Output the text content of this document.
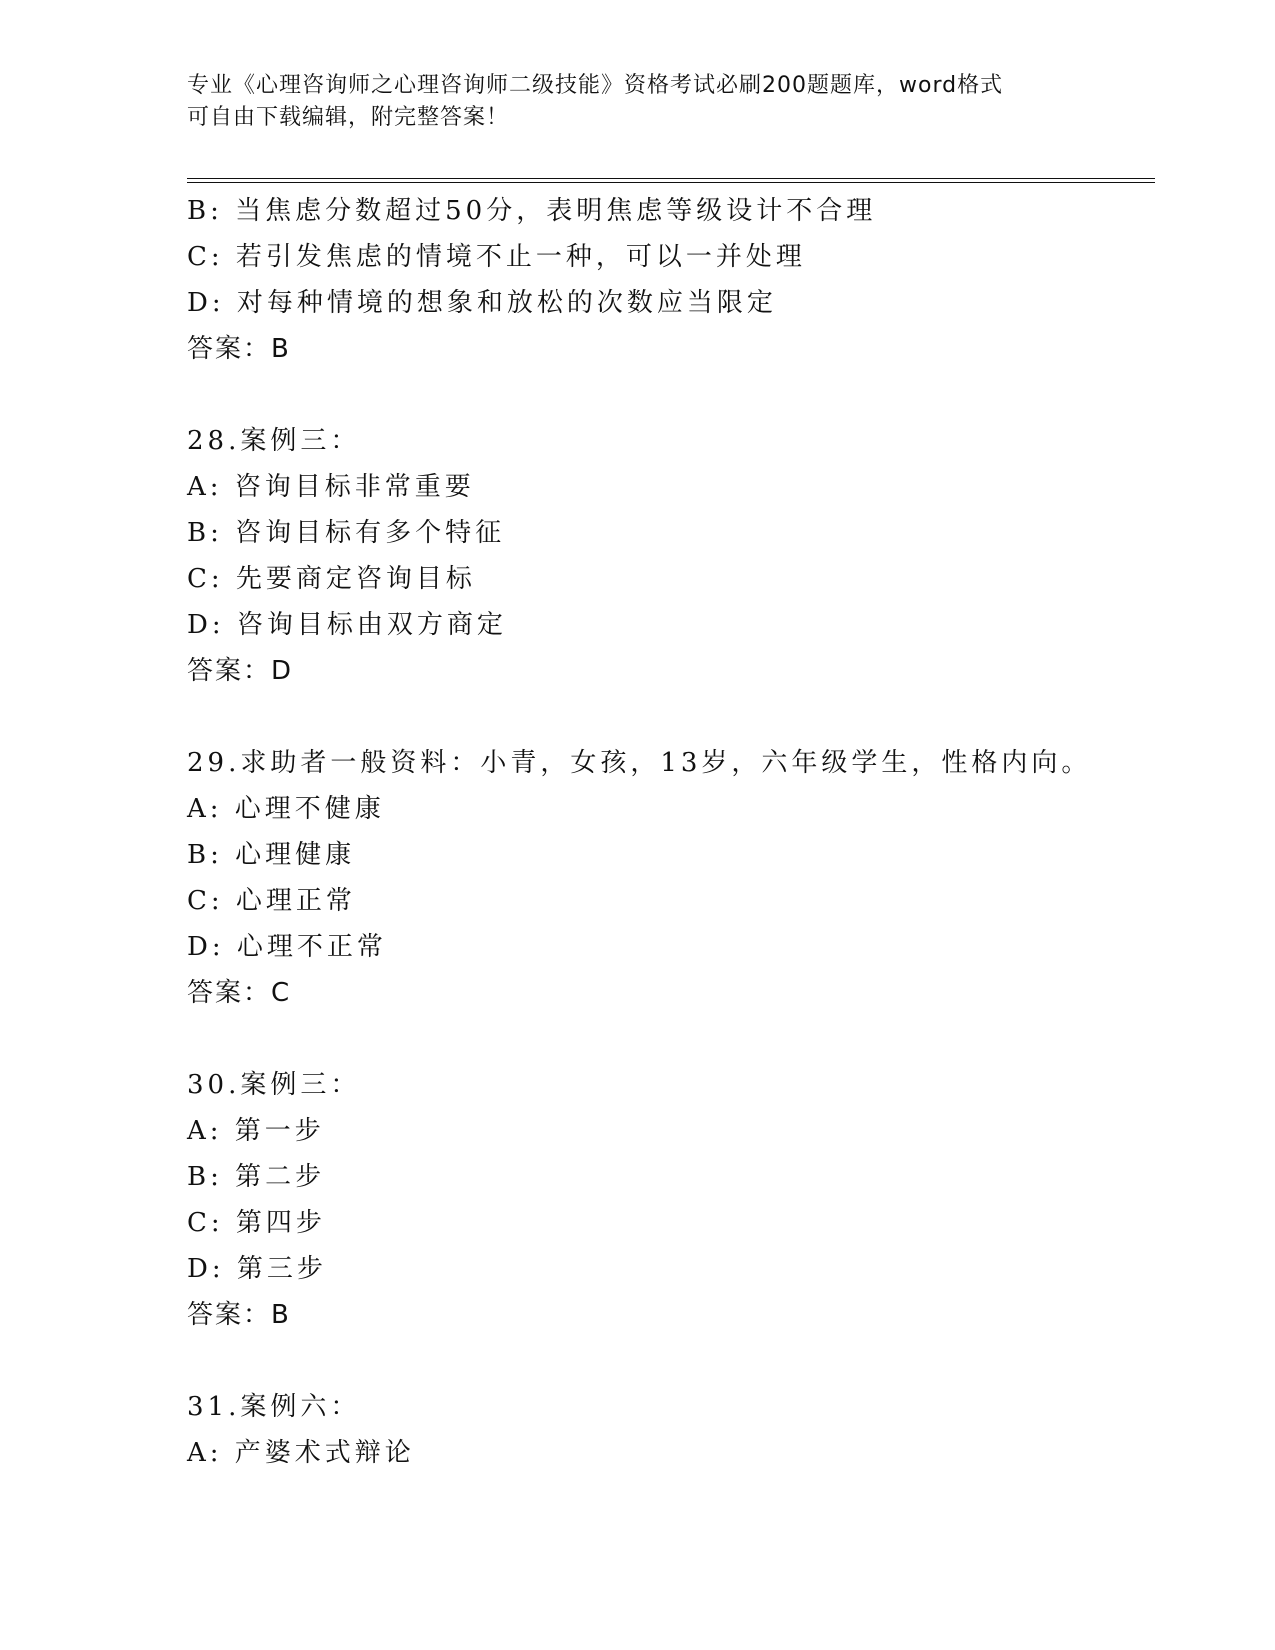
专业《心理咨询师之心理咨询师二级技能》资格考试必刷200题题库，word格式
可自由下载编辑，附完整答案！
B: 当焦虑分数超过50分，表明焦虑等级设计不合理
C: 若引发焦虑的情境不止一种，可以一并处理
D: 对每种情境的想象和放松的次数应当限定
答案：B
28.案例三：
A: 咨询目标非常重要
B: 咨询目标有多个特征
C: 先要商定咨询目标
D: 咨询目标由双方商定
答案：D
29.求助者一般资料：小青，女孩，13岁，六年级学生，性格内向。
A: 心理不健康
B: 心理健康
C: 心理正常
D: 心理不正常
答案：C
30.案例三：
A: 第一步
B: 第二步
C: 第四步
D: 第三步
答案：B
31.案例六：
A: 产婆术式辩论
